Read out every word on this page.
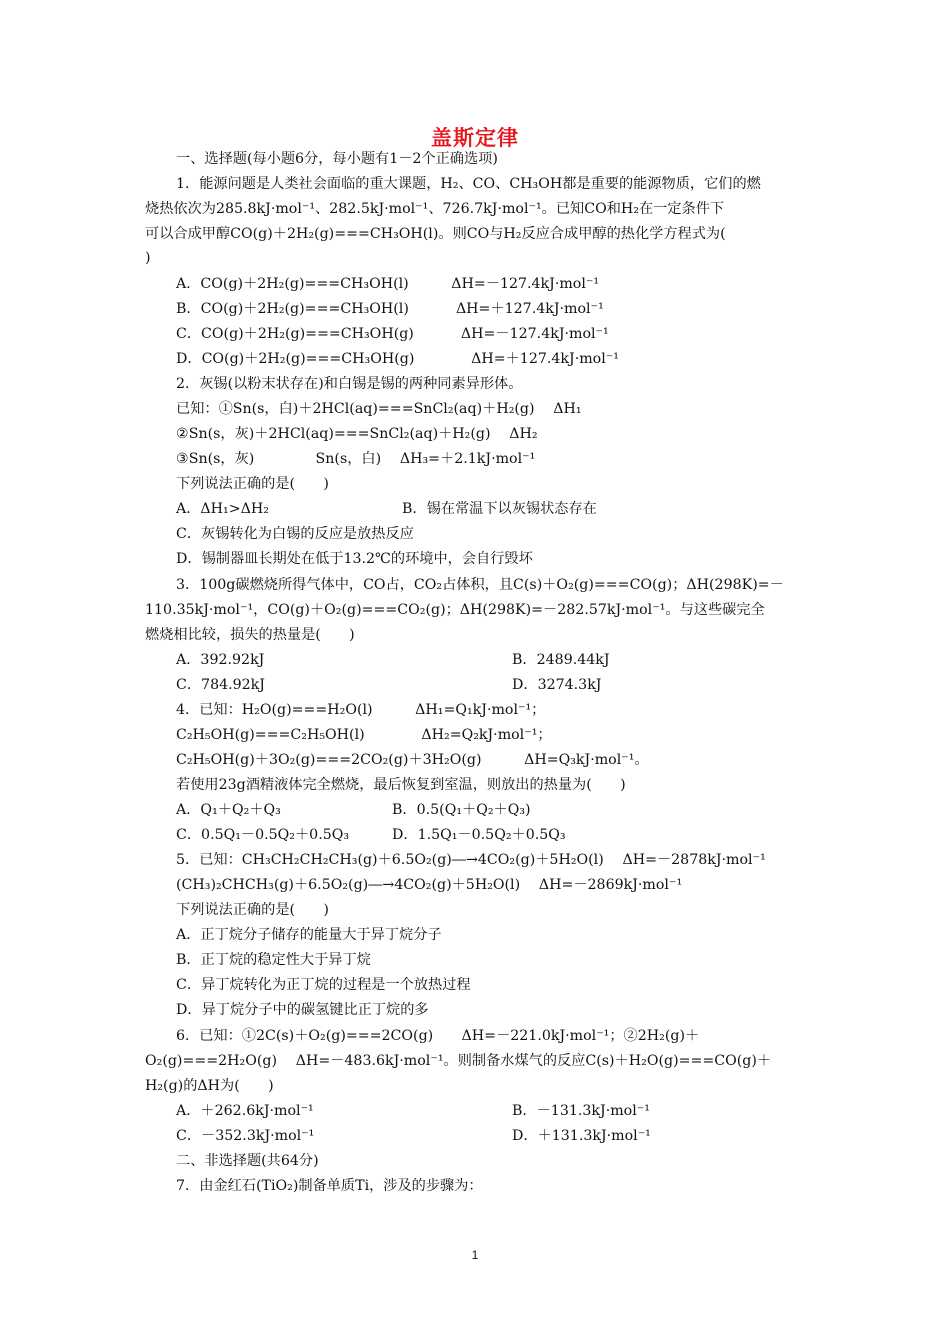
盖斯定律
一、选择题(每小题6分，每小题有1－2个正确选项)
1．能源问题是人类社会面临的重大课题，H₂、CO、CH₃OH都是重要的能源物质，它们的燃
烧热依次为285.8kJ·mol⁻¹、282.5kJ·mol⁻¹、726.7kJ·mol⁻¹。已知CO和H₂在一定条件下
可以合成甲醇CO(g)＋2H₂(g)===CH₃OH(l)。则CO与H₂反应合成甲醇的热化学方程式为(
)
A．CO(g)＋2H₂(g)===CH₃OH(l)　　　ΔH=－127.4kJ·mol⁻¹
B．CO(g)＋2H₂(g)===CH₃OH(l)　　　 ΔH=＋127.4kJ·mol⁻¹
C．CO(g)＋2H₂(g)===CH₃OH(g)　　　 ΔH=－127.4kJ·mol⁻¹
D．CO(g)＋2H₂(g)===CH₃OH(g)　　　　ΔH=＋127.4kJ·mol⁻¹
2．灰锡(以粉末状存在)和白锡是锡的两种同素异形体。
已知：①Sn(s，白)＋2HCl(aq)===SnCl₂(aq)＋H₂(g)　 ΔH₁
②Sn(s，灰)＋2HCl(aq)===SnCl₂(aq)＋H₂(g)　 ΔH₂
③Sn(s，灰)　　　　 Sn(s，白)　 ΔH₃=＋2.1kJ·mol⁻¹
下列说法正确的是(　　)
A．ΔH₁>ΔH₂	B．锡在常温下以灰锡状态存在
C．灰锡转化为白锡的反应是放热反应
D．锡制器皿长期处在低于13.2℃的环境中，会自行毁坏
3．100g碳燃烧所得气体中，CO占，CO₂占体积，且C(s)＋O₂(g)===CO(g)；ΔH(298K)=－
110.35kJ·mol⁻¹，CO(g)＋O₂(g)===CO₂(g)；ΔH(298K)=－282.57kJ·mol⁻¹。与这些碳完全
燃烧相比较，损失的热量是(　　)
A．392.92kJ	B．2489.44kJ
C．784.92kJ	D．3274.3kJ
4．已知：H₂O(g)===H₂O(l)　　　ΔH₁=Q₁kJ·mol⁻¹；
C₂H₅OH(g)===C₂H₅OH(l)　　　　ΔH₂=Q₂kJ·mol⁻¹；
C₂H₅OH(g)＋3O₂(g)===2CO₂(g)＋3H₂O(g)　　　ΔH=Q₃kJ·mol⁻¹。
若使用23g酒精液体完全燃烧，最后恢复到室温，则放出的热量为(　　)
A．Q₁＋Q₂＋Q₃	B．0.5(Q₁＋Q₂＋Q₃)
C．0.5Q₁－0.5Q₂＋0.5Q₃	D．1.5Q₁－0.5Q₂＋0.5Q₃
5．已知：CH₃CH₂CH₂CH₃(g)＋6.5O₂(g)―→4CO₂(g)＋5H₂O(l)　 ΔH=－2878kJ·mol⁻¹
(CH₃)₂CHCH₃(g)＋6.5O₂(g)―→4CO₂(g)＋5H₂O(l)　 ΔH=－2869kJ·mol⁻¹
下列说法正确的是(　　)
A．正丁烷分子储存的能量大于异丁烷分子
B．正丁烷的稳定性大于异丁烷
C．异丁烷转化为正丁烷的过程是一个放热过程
D．异丁烷分子中的碳氢键比正丁烷的多
6．已知：①2C(s)＋O₂(g)===2CO(g)　　ΔH=－221.0kJ·mol⁻¹；②2H₂(g)＋
O₂(g)===2H₂O(g)　 ΔH=－483.6kJ·mol⁻¹。则制备水煤气的反应C(s)＋H₂O(g)===CO(g)＋
H₂(g)的ΔH为(　　)
A．＋262.6kJ·mol⁻¹	B．－131.3kJ·mol⁻¹
C．－352.3kJ·mol⁻¹	D．＋131.3kJ·mol⁻¹
二、非选择题(共64分)
7．由金红石(TiO₂)制备单质Ti，涉及的步骤为：
1
